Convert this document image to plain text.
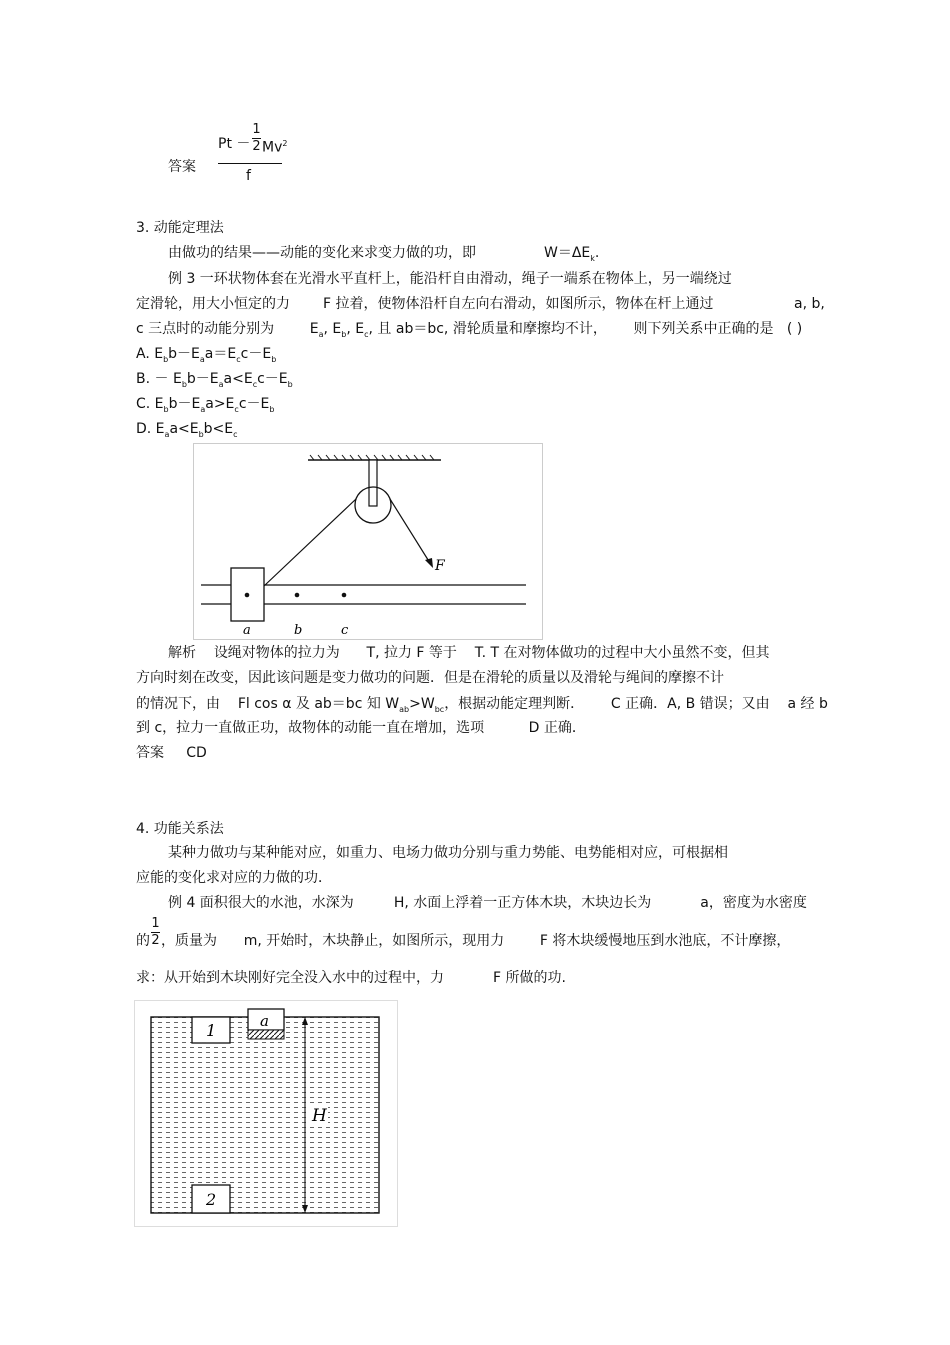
答案
Pt －
1
2 Mv$^2$
f
3. 动能定理法
由做功的结果——动能的变化来求变力做的功，即	$W=\Delta E_k$.
例 3 一环状物体套在光滑水平直杆上，能沿杆自由滑动，绳子一端系在物体上，另一端绕过
定滑轮，用大小恒定的力 F 拉着，使物体沿杆自左向右滑动，如图所示，物体在杆上通过	a, b,
c 三点时的动能分别为	$E_a$, $E_b$, $E_c$, 且 ab＝bc, 滑轮质量和摩擦均不计， 则下列关系中正确的是 ( )
A. $E_bb-E_aa=E_cc-E_b$
B. － $E_bb-E_aa<E_cc-E_b$
C. $E_bb-E_aa>E_cc-E_b$
D. $E_aa<E_bb<E_c$
F
a	b	c
解析 设绳对物体的拉力为 T, 拉力 F 等于 T. T 在对物体做功的过程中大小虽然不变，但其
方向时刻在改变，因此该问题是变力做功的问题．但是在滑轮的质量以及滑轮与绳间的摩擦不计
的情况下，由 Fl cos α 及 ab＝bc 知 $W_{ab}>W_{bc}$，根据动能定理判断． C 正确．A, B 错误；又由 a 经 b
到 c，拉力一直做正功，故物体的动能一直在增加，选项	D 正确．
答案 CD
4. 功能关系法
某种力做功与某种能对应，如重力、电场力做功分别与重力势能、电势能相对应，可根据相
应能的变化求对应的力做的功．
例 4 面积很大的水池，水深为	H, 水面上浮着一正方体木块，木块边长为	a，密度为水密度
的
1
2 ，质量为 m, 开始时，木块静止，如图所示，现用力	F 将木块缓慢地压到水池底，不计摩擦，
求：从开始到木块刚好完全没入水中的过程中，力	F 所做的功.
1
2
a
H
